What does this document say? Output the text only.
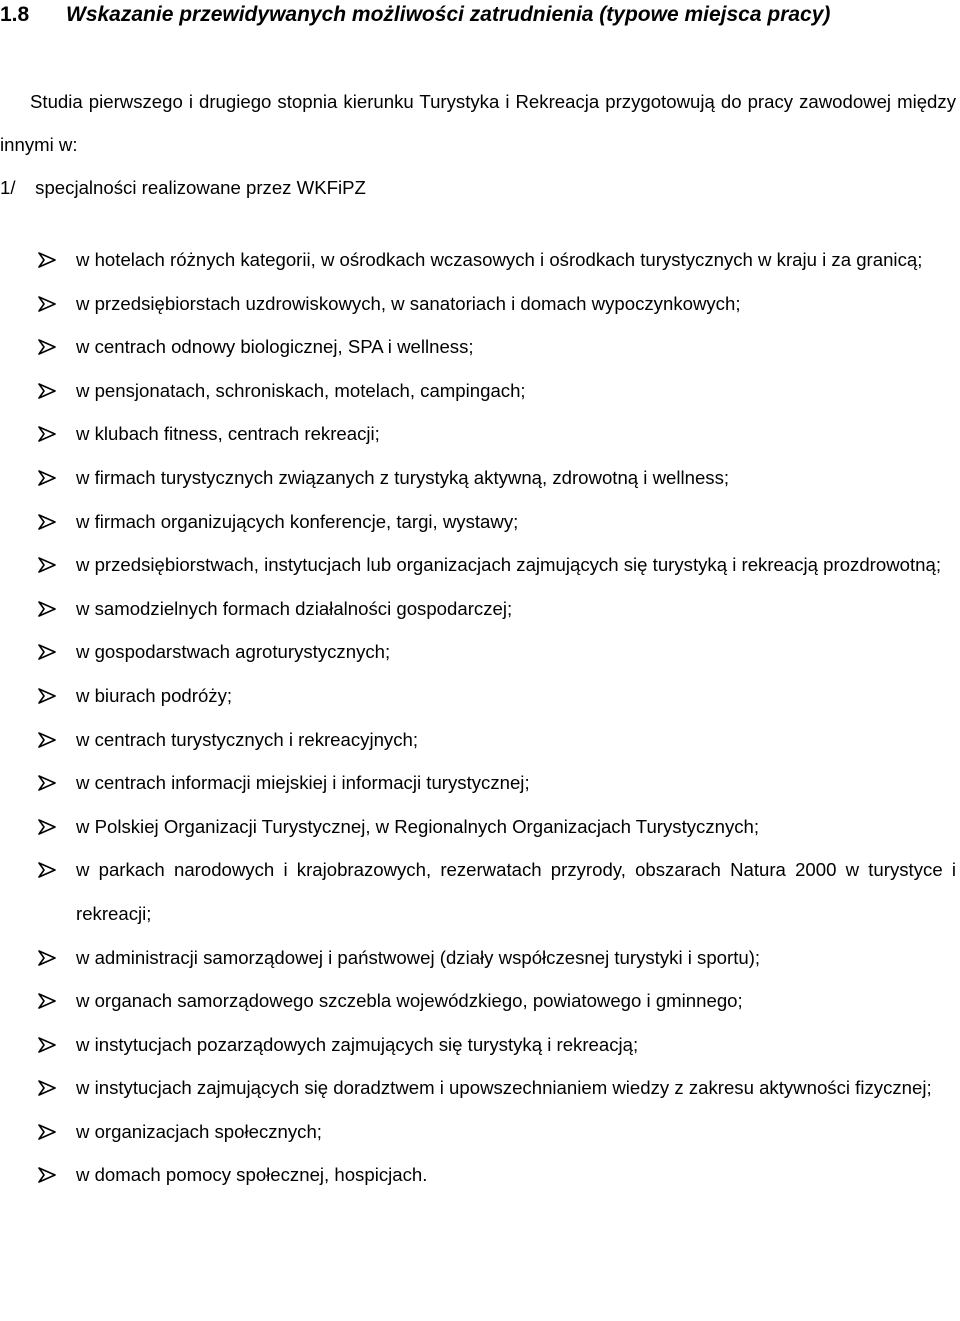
1.8 Wskazanie przewidywanych możliwości zatrudnienia (typowe miejsca pracy)

Studia pierwszego i drugiego stopnia kierunku Turystyka i Rekreacja przygotowują do pracy zawodowej między innymi w:

1/ specjalności realizowane przez WKFiPZ
w hotelach różnych kategorii, w ośrodkach wczasowych i ośrodkach turystycznych w kraju i za granicą;
w przedsiębiorstach uzdrowiskowych, w sanatoriach i domach wypoczynkowych;
w centrach odnowy biologicznej, SPA i wellness;
w pensjonatach, schroniskach, motelach, campingach;
w klubach fitness, centrach rekreacji;
w firmach turystycznych związanych z turystyką aktywną, zdrowotną i wellness;
w firmach organizujących konferencje, targi, wystawy;
w przedsiębiorstwach, instytucjach lub organizacjach zajmujących się turystyką i rekreacją prozdrowotną;
w samodzielnych formach działalności gospodarczej;
w gospodarstwach agroturystycznych;
w biurach podróży;
w centrach turystycznych i rekreacyjnych;
w centrach informacji miejskiej i informacji turystycznej;
w Polskiej Organizacji Turystycznej, w Regionalnych Organizacjach Turystycznych;
w parkach narodowych i krajobrazowych, rezerwatach przyrody, obszarach Natura 2000 w turystyce i rekreacji;
w administracji samorządowej i państwowej (działy współczesnej turystyki i sportu);
w organach samorządowego szczebla wojewódzkiego, powiatowego i gminnego;
w instytucjach pozarządowych zajmujących się turystyką i rekreacją;
w instytucjach zajmujących się doradztwem i upowszechnianiem wiedzy z zakresu aktywności fizycznej;
w organizacjach społecznych;
w domach pomocy społecznej, hospicjach.
